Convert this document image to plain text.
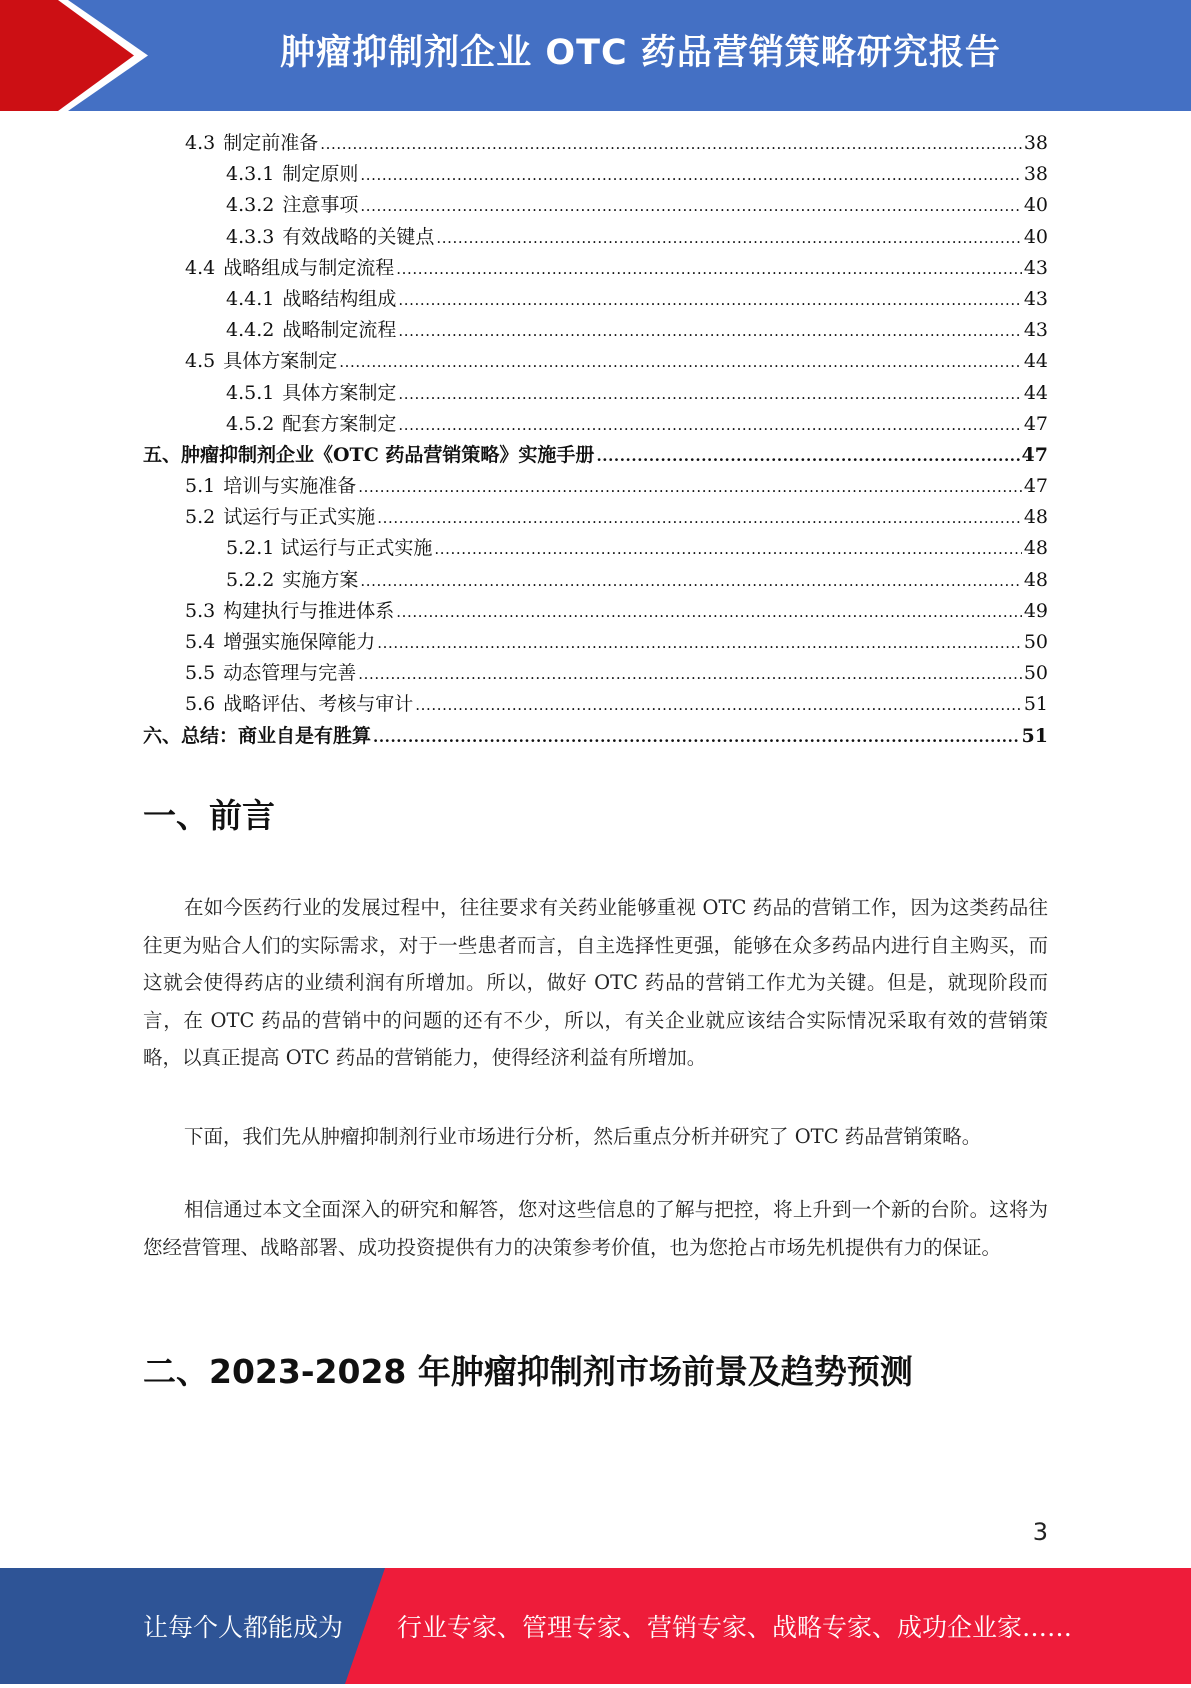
肿瘤抑制剂企业 OTC 药品营销策略研究报告
4.3 制定前准备 .....	38
4.3.1 制定原则 .....	38
4.3.2 注意事项 .....	40
4.3.3 有效战略的关键点 .....	40
4.4 战略组成与制定流程 .....	43
4.4.1 战略结构组成 .....	43
4.4.2 战略制定流程 .....	43
4.5 具体方案制定 .....	44
4.5.1 具体方案制定 .....	44
4.5.2 配套方案制定 .....	47
五、肿瘤抑制剂企业《OTC 药品营销策略》实施手册 .....	47
5.1 培训与实施准备 .....	47
5.2 试运行与正式实施 .....	48
5.2.1 试运行与正式实施 .....	48
5.2.2 实施方案 .....	48
5.3 构建执行与推进体系 .....	49
5.4 增强实施保障能力 .....	50
5.5 动态管理与完善 .....	50
5.6 战略评估、考核与审计 .....	51
六、总结：商业自是有胜算 .....	51
一、前言

在如今医药行业的发展过程中，往往要求有关药业能够重视 OTC 药品的营销工作，因为这类药品往往更为贴合人们的实际需求，对于一些患者而言，自主选择性更强，能够在众多药品内进行自主购买，而这就会使得药店的业绩利润有所增加。所以，做好 OTC 药品的营销工作尤为关键。但是，就现阶段而言，在 OTC 药品的营销中的问题的还有不少，所以，有关企业就应该结合实际情况采取有效的营销策略，以真正提高 OTC 药品的营销能力，使得经济利益有所增加。

下面，我们先从肿瘤抑制剂行业市场进行分析，然后重点分析并研究了 OTC 药品营销策略。

相信通过本文全面深入的研究和解答，您对这些信息的了解与把控，将上升到一个新的台阶。这将为您经营管理、战略部署、成功投资提供有力的决策参考价值，也为您抢占市场先机提供有力的保证。

二、2023-2028 年肿瘤抑制剂市场前景及趋势预测
3
让每个人都能成为 行业专家、管理专家、营销专家、战略专家、成功企业家……
